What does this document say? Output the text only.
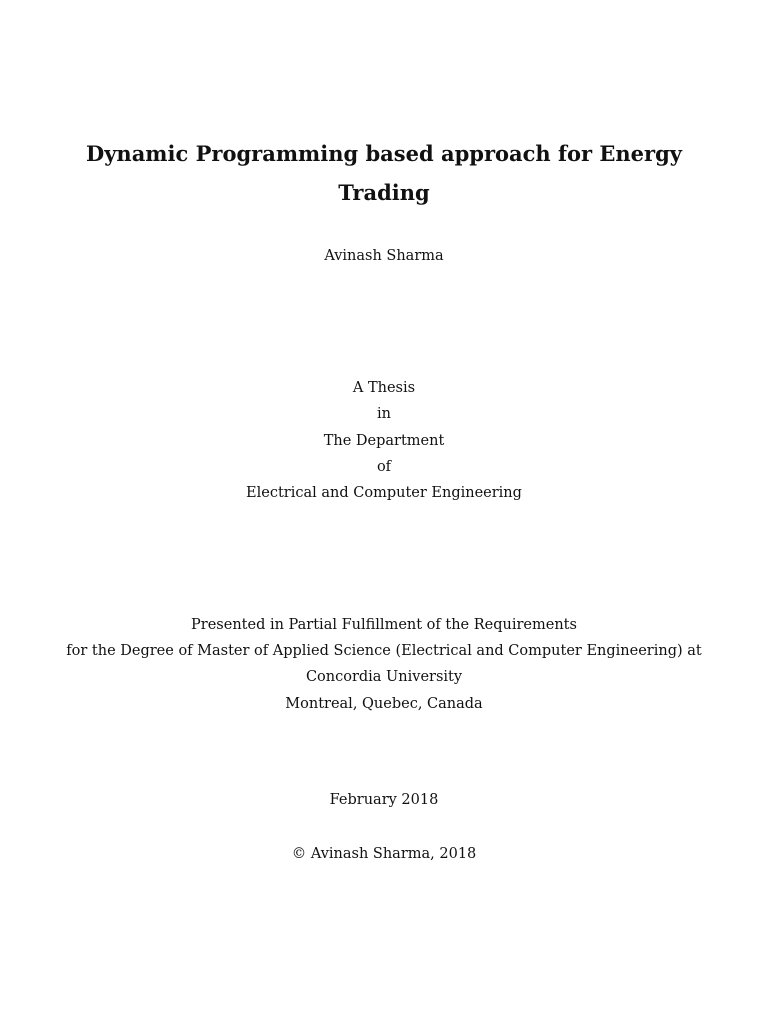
Dynamic Programming based approach for Energy
Trading
Avinash Sharma
A Thesis
in
The Department
of
Electrical and Computer Engineering
Presented in Partial Fulfillment of the Requirements
for the Degree of Master of Applied Science (Electrical and Computer Engineering) at
Concordia University
Montreal, Quebec, Canada
February 2018
© Avinash Sharma, 2018
